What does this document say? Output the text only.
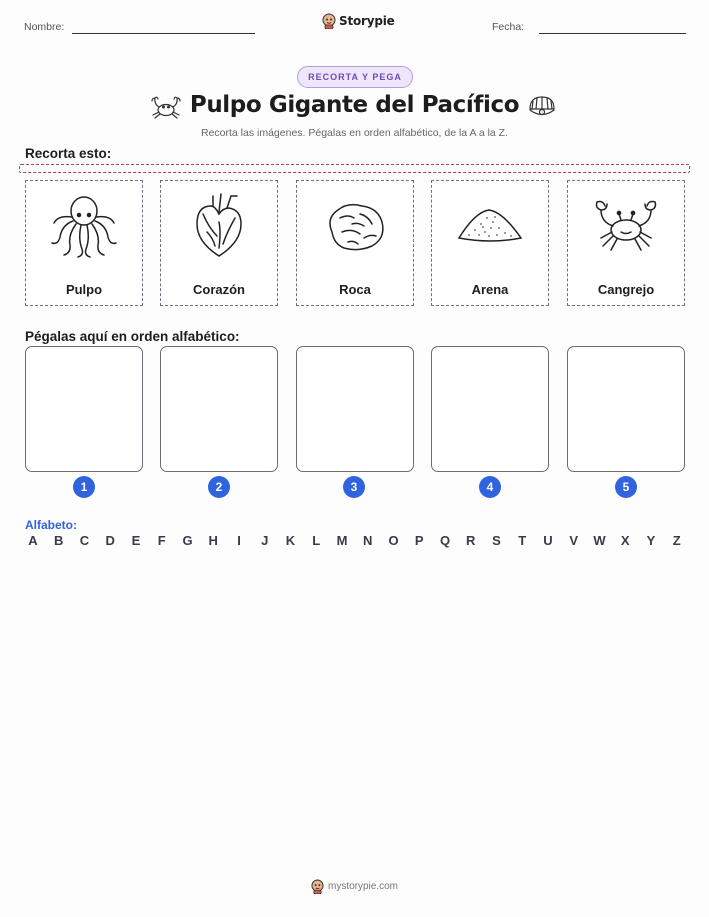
Nombre:	Storypie	Fecha:
RECORTA Y PEGA
Pulpo Gigante del Pacífico
Recorta las imágenes. Pégalas en orden alfabético, de la A a la Z.
Recorta esto:
Pulpo	Corazón	Roca	Arena	Cangrejo
Pégalas aquí en orden alfabético:
1	2	3	4	5
Alfabeto:
A B C D E	F	G H	I	J	K	L	M N O P Q R S	T	U V W X Y	Z
mystorypie.com
